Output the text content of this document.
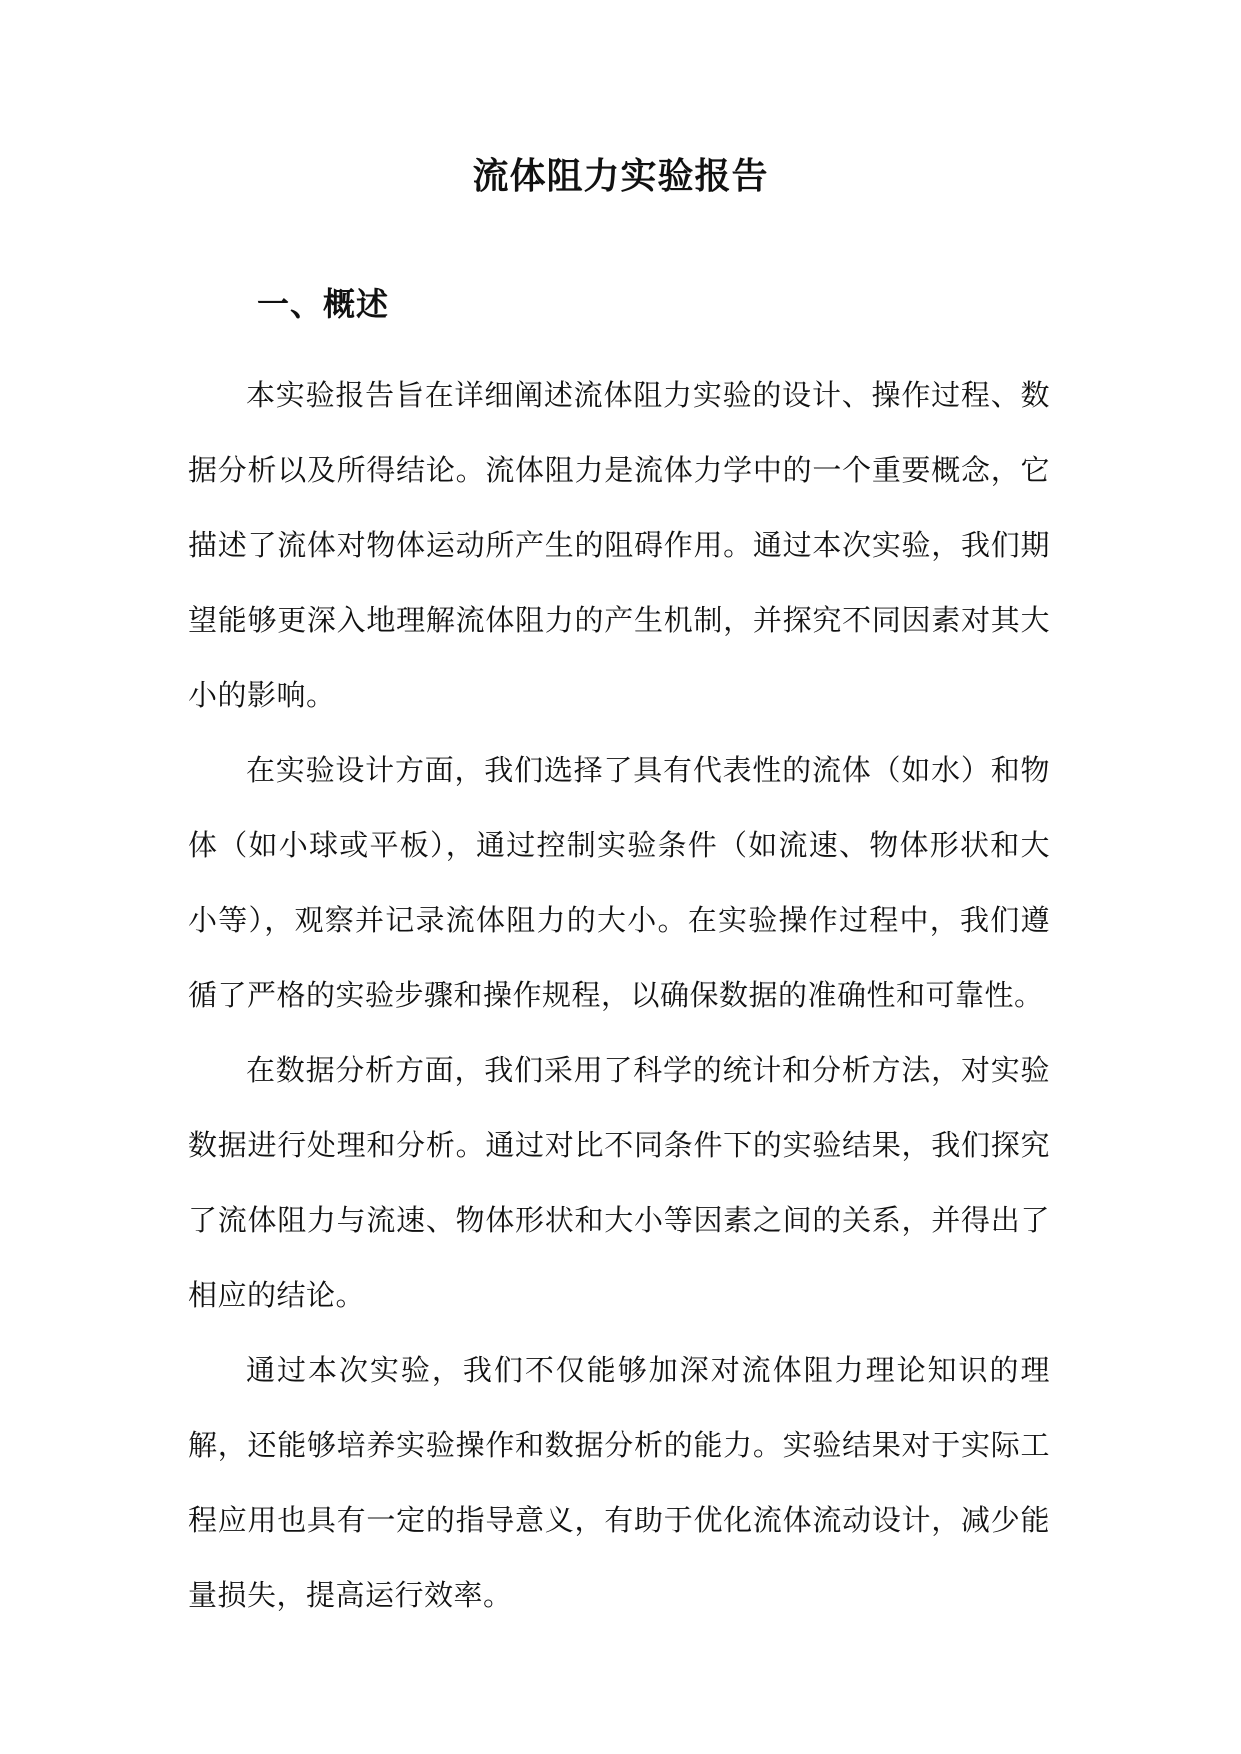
流体阻力实验报告
一、概述

本实验报告旨在详细阐述流体阻力实验的设计、操作过程、数据分析以及所得结论。流体阻力是流体力学中的一个重要概念，它描述了流体对物体运动所产生的阻碍作用。通过本次实验，我们期望能够更深入地理解流体阻力的产生机制，并探究不同因素对其大小的影响。

在实验设计方面，我们选择了具有代表性的流体（如水）和物体（如小球或平板），通过控制实验条件（如流速、物体形状和大小等），观察并记录流体阻力的大小。在实验操作过程中，我们遵循了严格的实验步骤和操作规程，以确保数据的准确性和可靠性。

在数据分析方面，我们采用了科学的统计和分析方法，对实验数据进行处理和分析。通过对比不同条件下的实验结果，我们探究了流体阻力与流速、物体形状和大小等因素之间的关系，并得出了相应的结论。

通过本次实验，我们不仅能够加深对流体阻力理论知识的理解，还能够培养实验操作和数据分析的能力。实验结果对于实际工程应用也具有一定的指导意义，有助于优化流体流动设计，减少能量损失，提高运行效率。
